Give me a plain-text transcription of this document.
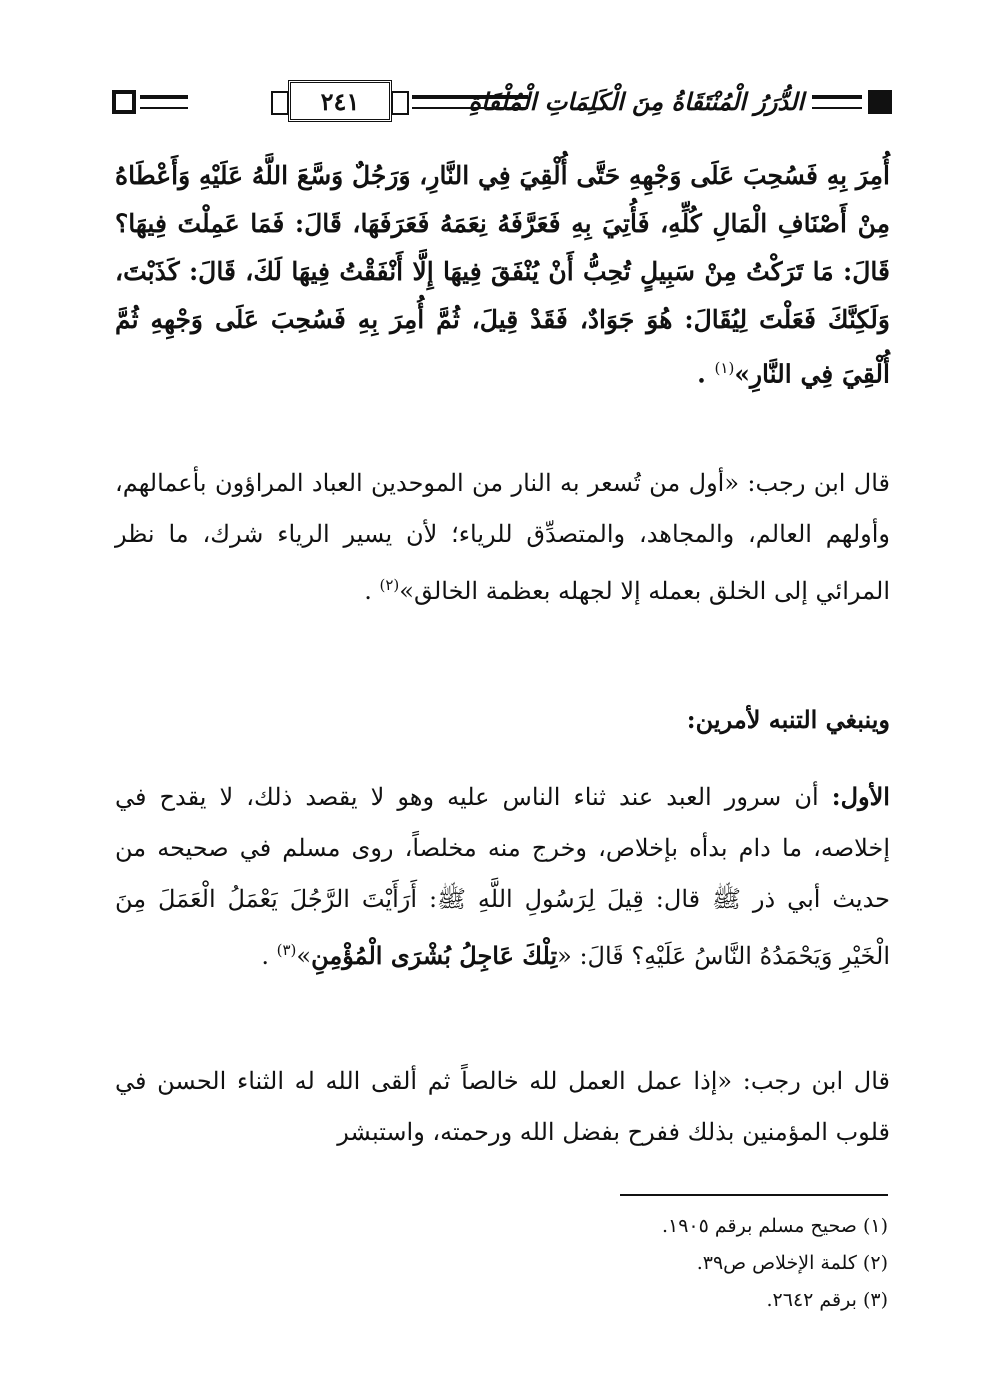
٢٤١	الدُّرَرُ الْمُنْتَقَاةُ مِنَ الْكَلِمَاتِ الْمُلْقَاةِ

أُمِرَ بِهِ فَسُحِبَ عَلَى وَجْهِهِ حَتَّى أُلْقِيَ فِي النَّارِ، وَرَجُلٌ وَسَّعَ اللَّهُ عَلَيْهِ وَأَعْطَاهُ مِنْ أَصْنَافِ الْمَالِ كُلِّهِ، فَأُتِيَ بِهِ فَعَرَّفَهُ نِعَمَهُ فَعَرَفَهَا، قَالَ: فَمَا عَمِلْتَ فِيهَا؟ قَالَ: مَا تَرَكْتُ مِنْ سَبِيلٍ تُحِبُّ أَنْ يُنْفَقَ فِيهَا إِلَّا أَنْفَقْتُ فِيهَا لَكَ، قَالَ: كَذَبْتَ، وَلَكِنَّكَ فَعَلْتَ لِيُقَالَ: هُوَ جَوَادٌ، فَقَدْ قِيلَ، ثُمَّ أُمِرَ بِهِ فَسُحِبَ عَلَى وَجْهِهِ ثُمَّ أُلْقِيَ فِي النَّارِ»$^{(١)}$ .

قال ابن رجب: «أول من تُسعر به النار من الموحدين العباد المراؤون بأعمالهم، وأولهم العالم، والمجاهد، والمتصدِّق للرياء؛ لأن يسير الرياء شرك، ما نظر المرائي إلى الخلق بعمله إلا لجهله بعظمة الخالق»$^{(٢)}$ .

وينبغي التنبه لأمرين:

الأول: أن سرور العبد عند ثناء الناس عليه وهو لا يقصد ذلك، لا يقدح في إخلاصه، ما دام بدأه بإخلاص، وخرج منه مخلصاً، روى مسلم في صحيحه من حديث أبي ذر ﷺ قال: قِيلَ لِرَسُولِ اللَّهِ ﷺ: أَرَأَيْتَ الرَّجُلَ يَعْمَلُ الْعَمَلَ مِنَ الْخَيْرِ وَيَحْمَدُهُ النَّاسُ عَلَيْهِ؟ قَالَ: «تِلْكَ عَاجِلُ بُشْرَى الْمُؤْمِنِ»$^{(٣)}$ .

قال ابن رجب: «إذا عمل العمل لله خالصاً ثم ألقى الله له الثناء الحسن في قلوب المؤمنين بذلك ففرح بفضل الله ورحمته، واستبشر

(١) صحيح مسلم برقم ١٩٠٥.
(٢) كلمة الإخلاص ص٣٩.
(٣) برقم ٢٦٤٢.
